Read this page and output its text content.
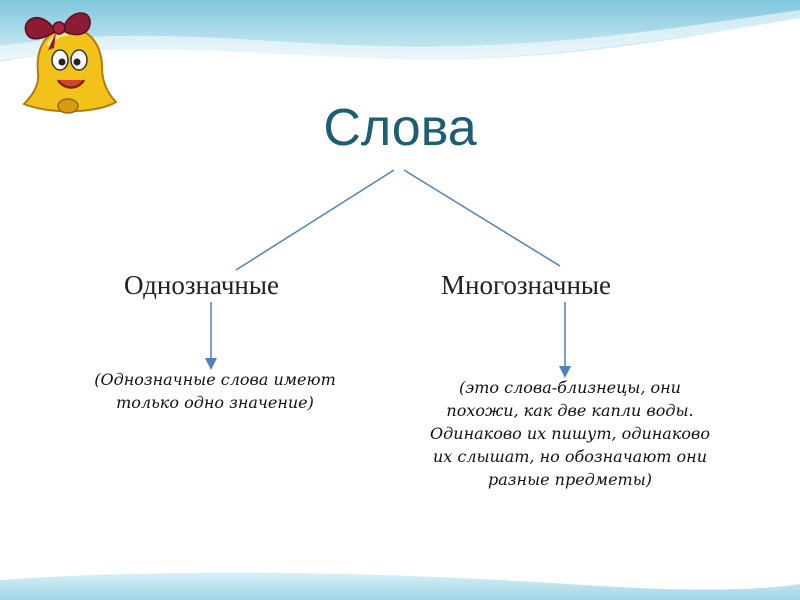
Слова

Однозначные	Многозначные

(Однозначные слова имеют
только одно значение)
(это слова-близнецы, они
похожи, как две капли воды.
Одинаково их пишут, одинаково
их слышат, но обозначают они
разные предметы)
